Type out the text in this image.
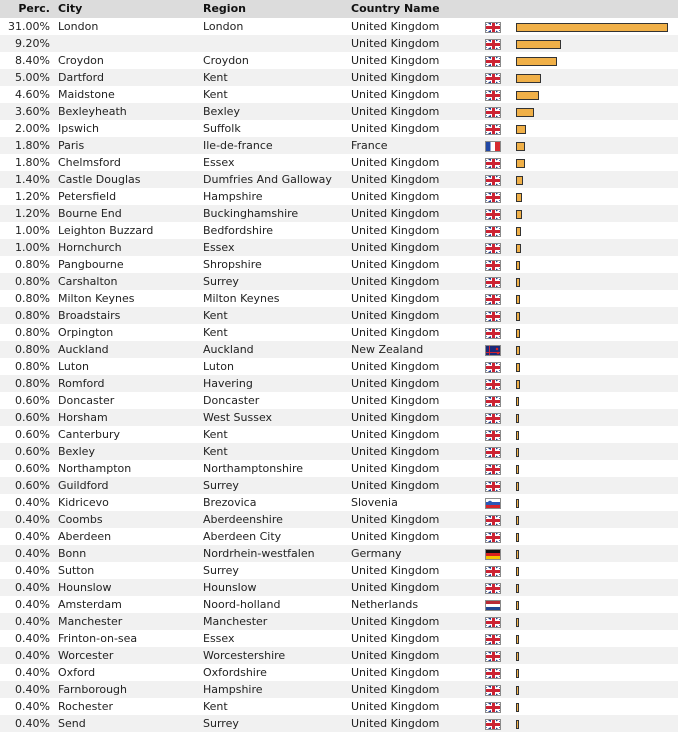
Perc.	City	Region	Country Name		
31.00%	London	London	United Kingdom		
9.20%			United Kingdom		
8.40%	Croydon	Croydon	United Kingdom		
5.00%	Dartford	Kent	United Kingdom		
4.60%	Maidstone	Kent	United Kingdom		
3.60%	Bexleyheath	Bexley	United Kingdom		
2.00%	Ipswich	Suffolk	United Kingdom		
1.80%	Paris	Ile-de-france	France		
1.80%	Chelmsford	Essex	United Kingdom		
1.40%	Castle Douglas	Dumfries And Galloway	United Kingdom		
1.20%	Petersfield	Hampshire	United Kingdom		
1.20%	Bourne End	Buckinghamshire	United Kingdom		
1.00%	Leighton Buzzard	Bedfordshire	United Kingdom		
1.00%	Hornchurch	Essex	United Kingdom		
0.80%	Pangbourne	Shropshire	United Kingdom		
0.80%	Carshalton	Surrey	United Kingdom		
0.80%	Milton Keynes	Milton Keynes	United Kingdom		
0.80%	Broadstairs	Kent	United Kingdom		
0.80%	Orpington	Kent	United Kingdom		
0.80%	Auckland	Auckland	New Zealand		
0.80%	Luton	Luton	United Kingdom		
0.80%	Romford	Havering	United Kingdom		
0.60%	Doncaster	Doncaster	United Kingdom		
0.60%	Horsham	West Sussex	United Kingdom		
0.60%	Canterbury	Kent	United Kingdom		
0.60%	Bexley	Kent	United Kingdom		
0.60%	Northampton	Northamptonshire	United Kingdom		
0.60%	Guildford	Surrey	United Kingdom		
0.40%	Kidricevo	Brezovica	Slovenia		
0.40%	Coombs	Aberdeenshire	United Kingdom		
0.40%	Aberdeen	Aberdeen City	United Kingdom		
0.40%	Bonn	Nordrhein-westfalen	Germany		
0.40%	Sutton	Surrey	United Kingdom		
0.40%	Hounslow	Hounslow	United Kingdom		
0.40%	Amsterdam	Noord-holland	Netherlands		
0.40%	Manchester	Manchester	United Kingdom		
0.40%	Frinton-on-sea	Essex	United Kingdom		
0.40%	Worcester	Worcestershire	United Kingdom		
0.40%	Oxford	Oxfordshire	United Kingdom		
0.40%	Farnborough	Hampshire	United Kingdom		
0.40%	Rochester	Kent	United Kingdom		
0.40%	Send	Surrey	United Kingdom		
